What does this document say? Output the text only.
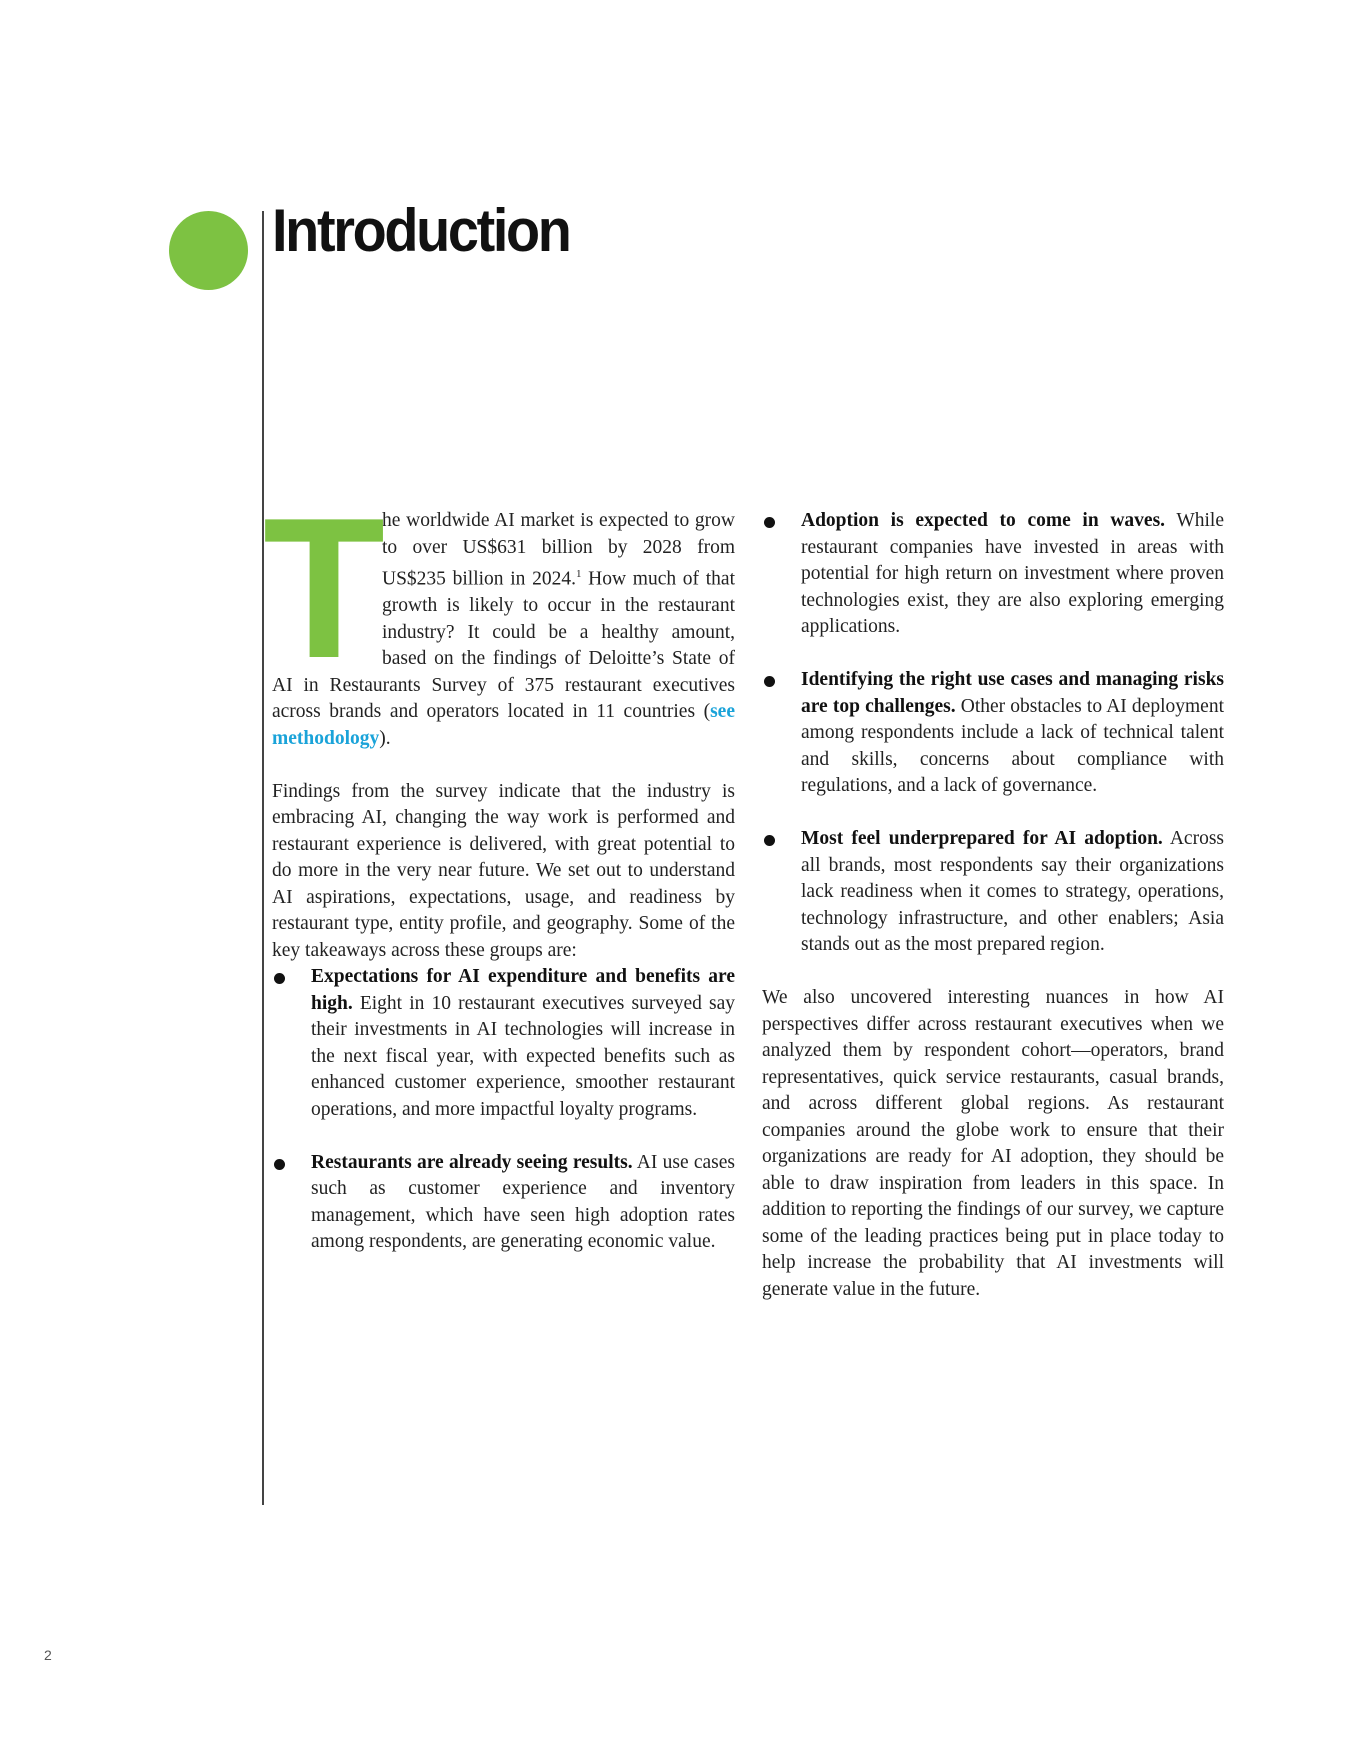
Introduction

T
he worldwide AI market is expected to grow to over US$631 billion by 2028 from US$235 billion in 2024.$^1$ How much of that growth is likely to occur in the restaurant industry? It could be a healthy amount, based on the findings of Deloitte’s State of AI in Restaurants Survey of 375 restaurant executives across brands and operators located in 11 countries (see methodology).

Findings from the survey indicate that the industry is embracing AI, changing the way work is performed and restaurant experience is delivered, with great potential to do more in the very near future. We set out to understand AI aspirations, expectations, usage, and readiness by restaurant type, entity profile, and geography. Some of the key takeaways across these groups are:

Expectations for AI expenditure and benefits are high. Eight in 10 restaurant executives surveyed say their investments in AI technologies will increase in the next fiscal year, with expected benefits such as enhanced customer experience, smoother restaurant operations, and more impactful loyalty programs.
Restaurants are already seeing results. AI use cases such as customer experience and inventory management, which have seen high adoption rates among respondents, are generating economic value.
Adoption is expected to come in waves. While restaurant companies have invested in areas with potential for high return on investment where proven technologies exist, they are also exploring emerging applications.
Identifying the right use cases and managing risks are top challenges. Other obstacles to AI deployment among respondents include a lack of technical talent and skills, concerns about compliance with regulations, and a lack of governance.
Most feel underprepared for AI adoption. Across all brands, most respondents say their organizations lack readiness when it comes to strategy, operations, technology infrastructure, and other enablers; Asia stands out as the most prepared region.

We also uncovered interesting nuances in how AI perspectives differ across restaurant executives when we analyzed them by respondent cohort—operators, brand representatives, quick service restaurants, casual brands, and across different global regions. As restaurant companies around the globe work to ensure that their organizations are ready for AI adoption, they should be able to draw inspiration from leaders in this space. In addition to reporting the findings of our survey, we capture some of the leading practices being put in place today to help increase the probability that AI investments will generate value in the future.

2
